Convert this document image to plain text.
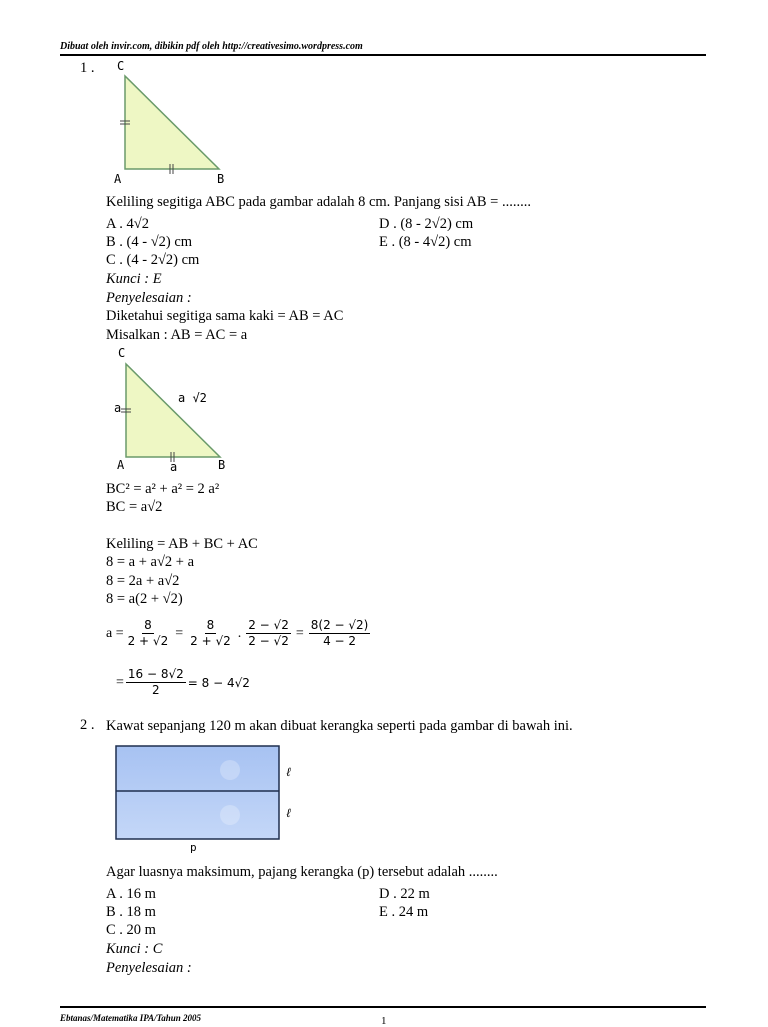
Dibuat oleh invir.com, dibikin pdf oleh http://creativesimo.wordpress.com
1 . C
A	B
Keliling segitiga ABC pada gambar adalah 8 cm. Panjang sisi AB = ........
A . 4√2	D . (8 - 2√2) cm
B . (4 - √2) cm	E . (8 - 4√2) cm
C . (4 - 2√2) cm
Kunci : E
Penyelesaian :
Diketahui segitiga sama kaki = AB = AC
Misalkan : AB = AC = a
C
a
a √2
A	a	B
BC² = a² + a² = 2 a²
BC = a√2
Keliling = AB + BC + AC
8 = a + a√2 + a
8 = 2a + a√2
8 = a(2 + √2)
$a = \frac{8}{2 + √2} = \frac{8}{2 + √2}$ . $\frac{2 - √2}{2 - √2} = \frac{8(2 - √2)}{4 - 2}$
= $\frac{16 - 8√2}{2} = 8 - 4√2$
2 . Kawat sepanjang 120 m akan dibuat kerangka seperti pada gambar di bawah ini.
ℓ
ℓ
p
Agar luasnya maksimum, pajang kerangka (p) tersebut adalah ........
A . 16 m	D . 22 m
B . 18 m	E . 24 m
C . 20 m
Kunci : C
Penyelesaian :
Ebtanas/Matematika IPA/Tahun 2005	1
